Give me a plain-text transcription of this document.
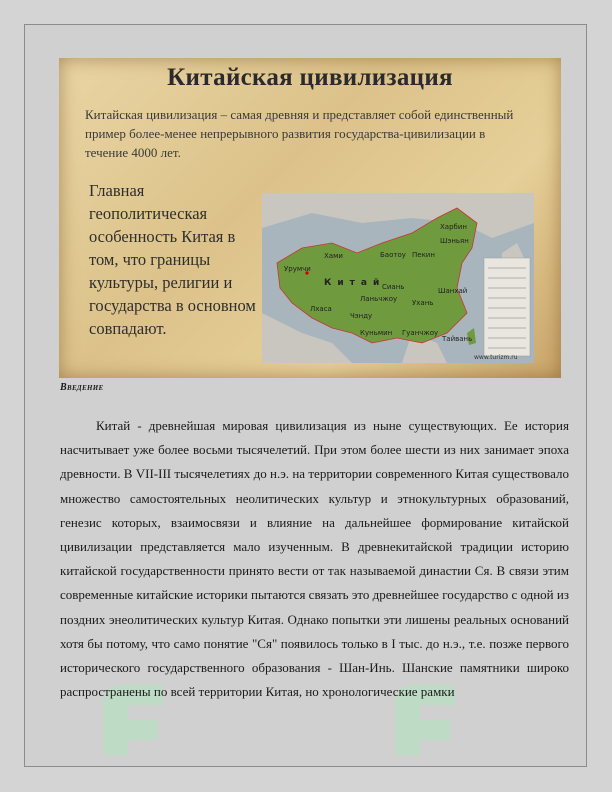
Китайская цивилизация
Китайская цивилизация – самая древняя и представляет собой единственный пример более-менее непрерывного развития государства-цивилизации в течение 4000 лет.
Главная геополитическая особенность Китая в том, что границы культуры, религии и государства в основном совпадают.
Урумчи
Хами	Баотоу Пекин
Харбин
Шэньян
Ланьчжоу
Сиань
Чэнду
Лхаса
Ухань
Шанхай
Гуанчжоу
Куньмин
Тайвань
Китай
www.turizm.ru
Введение
Китай - древнейшая мировая цивилизация из ныне существующих. Ее история насчитывает уже более восьми тысячелетий. При этом более шести из них занимает эпоха древности. В VII-III тысячелетиях до н.э. на территории современного Китая существовало множество самостоятельных неолитических культур и этнокультурных образований, генезис которых, взаимосвязи и влияние на дальнейшее формирование китайской цивилизации представляется мало изученным. В древнекитайской традиции историю китайской государственности принято вести от так называемой династии Ся. В связи этим современные китайские историки пытаются связать это древнейшее государство с одной из поздних энеолитических культур Китая. Однако попытки эти лишены реальных оснований хотя бы потому, что само понятие "Ся" появилось только в I тыс. до н.э., т.е. позже первого исторического государственного образования - Шан-Инь. Шанские памятники широко распространены по всей территории Китая, но хронологические рамки
